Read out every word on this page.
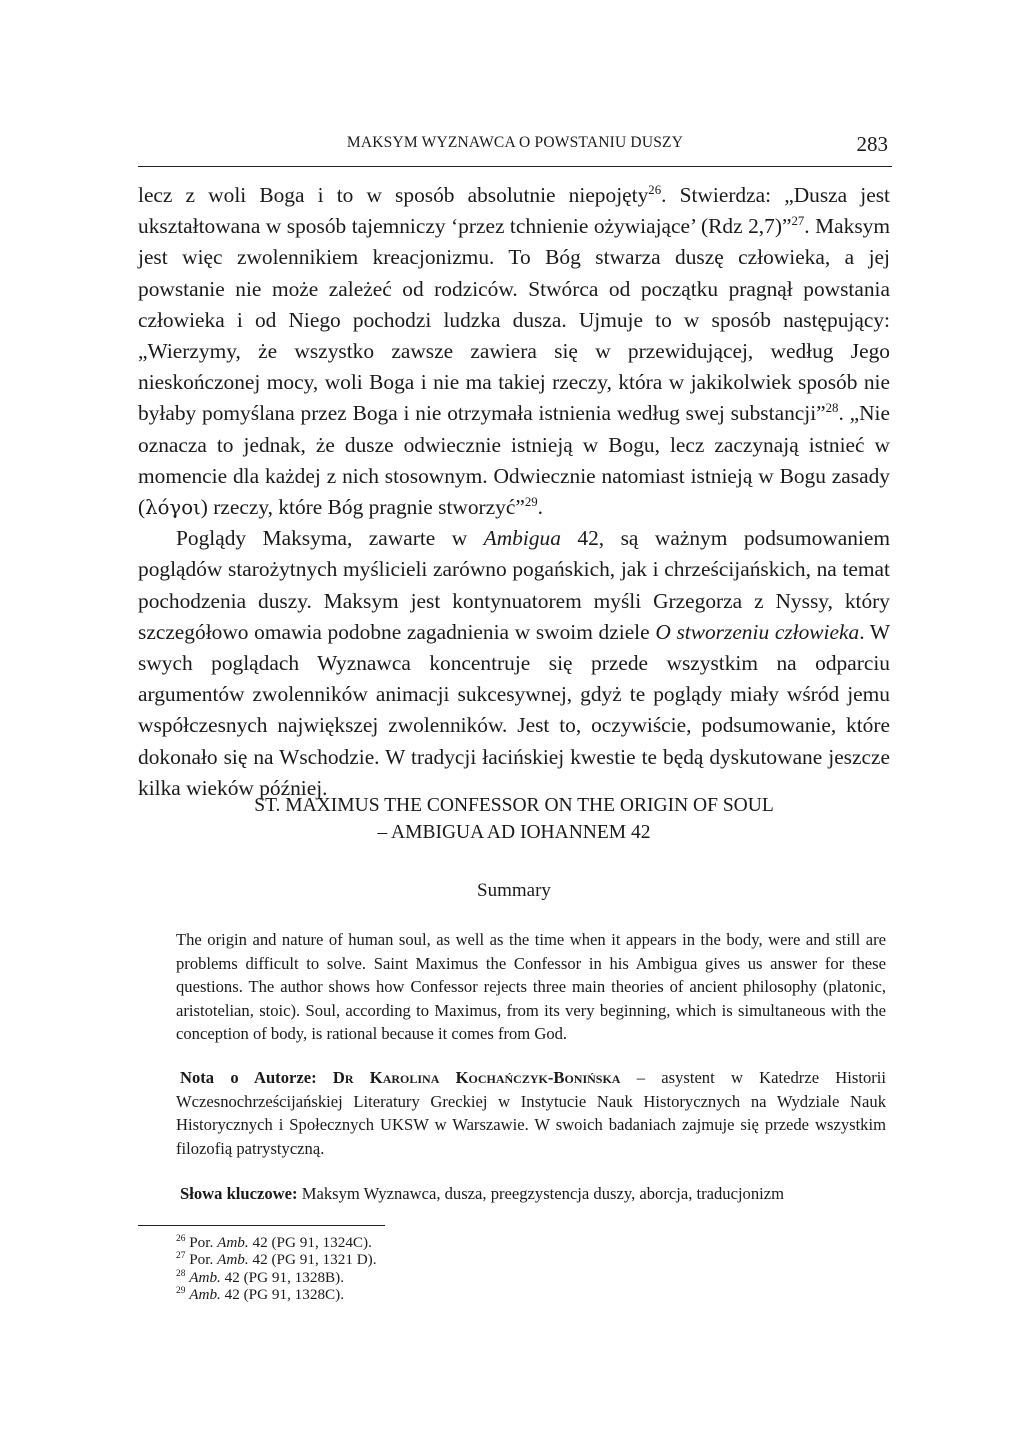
MAKSYM WYZNAWCA O POWSTANIU DUSZY	283

lecz z woli Boga i to w sposób absolutnie niepojęty$^{26}$. Stwierdza: „Dusza jest ukształtowana w sposób tajemniczy ‘przez tchnienie ożywiające’ (Rdz 2,7)”$^{27}$. Maksym jest więc zwolennikiem kreacjonizmu. To Bóg stwarza duszę człowieka, a jej powstanie nie może zależeć od rodziców. Stwórca od początku pragnął powstania człowieka i od Niego pochodzi ludzka dusza. Ujmuje to w sposób następujący: „Wierzymy, że wszystko zawsze zawiera się w przewidującej, według Jego nieskończonej mocy, woli Boga i nie ma takiej rzeczy, która w jakikolwiek sposób nie byłaby pomyślana przez Boga i nie otrzymała istnienia według swej substancji”$^{28}$. „Nie oznacza to jednak, że dusze odwiecznie istnieją w Bogu, lecz zaczynają istnieć w momencie dla każdej z nich stosownym. Odwiecznie natomiast istnieją w Bogu zasady (λόγοι) rzeczy, które Bóg pragnie stworzyć”$^{29}$.

Poglądy Maksyma, zawarte w Ambigua 42, są ważnym podsumowaniem poglądów starożytnych myślicieli zarówno pogańskich, jak i chrześcijańskich, na temat pochodzenia duszy. Maksym jest kontynuatorem myśli Grzegorza z Nyssy, który szczegółowo omawia podobne zagadnienia w swoim dziele O stworzeniu człowieka. W swych poglądach Wyznawca koncentruje się przede wszystkim na odparciu argumentów zwolenników animacji sukcesywnej, gdyż te poglądy miały wśród jemu współczesnych największej zwolenników. Jest to, oczywiście, podsumowanie, które dokonało się na Wschodzie. W tradycji łacińskiej kwestie te będą dyskutowane jeszcze kilka wieków później.

ST. MAXIMUS THE CONFESSOR ON THE ORIGIN OF SOUL
– AMBIGUA AD IOHANNEM 42
Summary

The origin and nature of human soul, as well as the time when it appears in the body, were and still are problems difficult to solve. Saint Maximus the Confessor in his Ambigua gives us answer for these questions. The author shows how Confessor rejects three main theories of ancient philosophy (platonic, aristotelian, stoic). Soul, according to Maximus, from its very beginning, which is simultaneous with the conception of body, is rational because it comes from God.

Nota o Autorze: Dr Karolina Kochańczyk-Bonińska – asystent w Katedrze Historii Wczesnochrześcijańskiej Literatury Greckiej w Instytucie Nauk Historycznych na Wydziale Nauk Historycznych i Społecznych UKSW w Warszawie. W swoich badaniach zajmuje się przede wszystkim filozofią patrystyczną.
Słowa kluczowe: Maksym Wyznawca, dusza, preegzystencja duszy, aborcja, traducjonizm
$^{26}$ Por. Amb. 42 (PG 91, 1324C).
$^{27}$ Por. Amb. 42 (PG 91, 1321 D).
$^{28}$ Amb. 42 (PG 91, 1328B).
$^{29}$ Amb. 42 (PG 91, 1328C).
